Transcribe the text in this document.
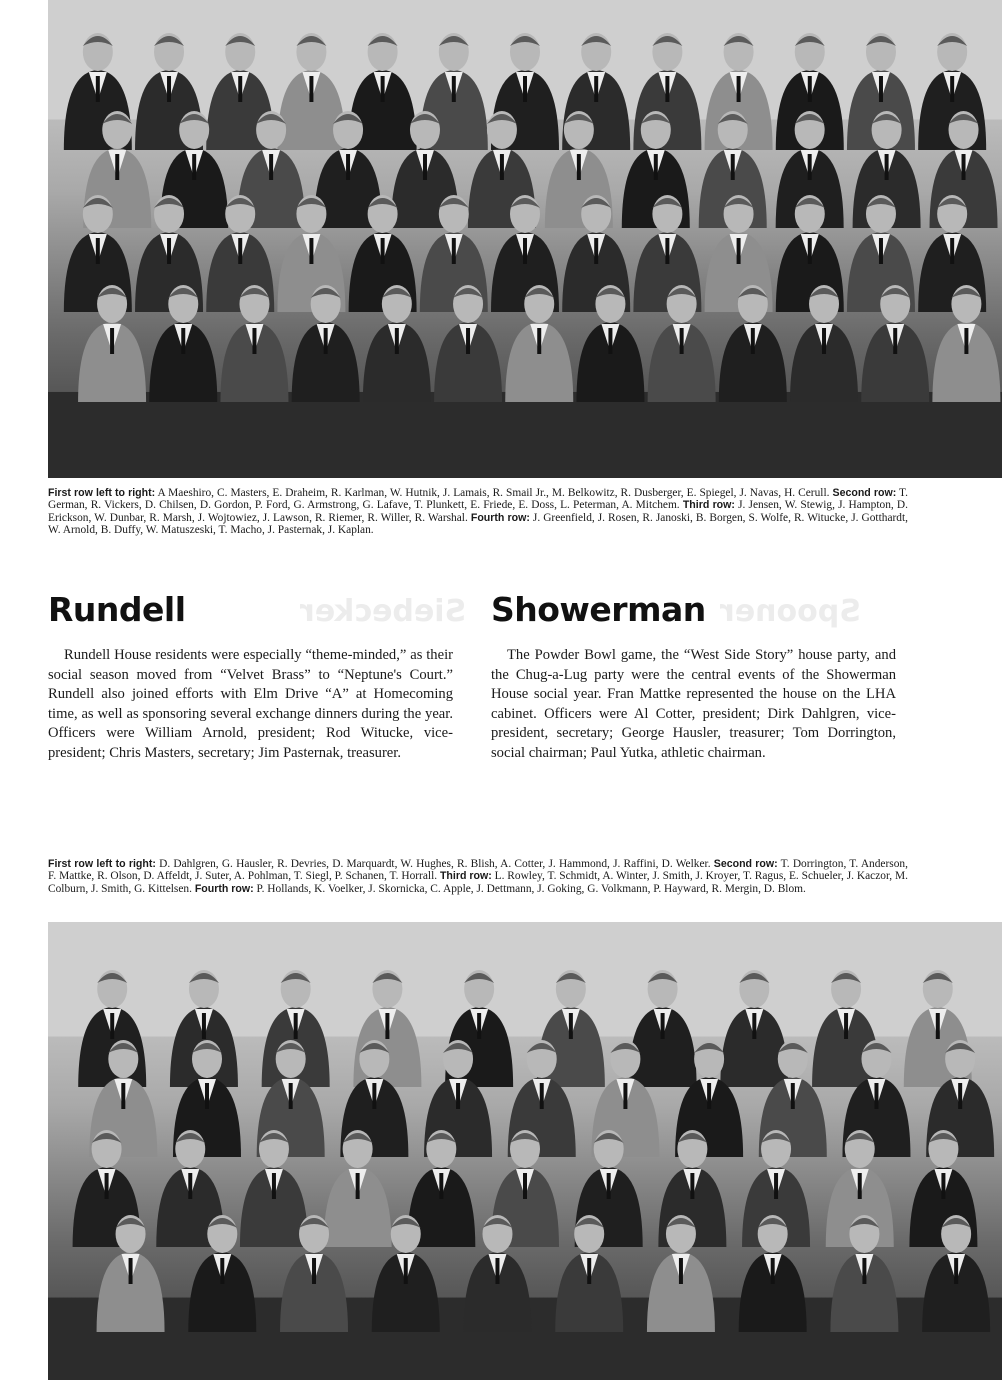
First row left to right: A Maeshiro, C. Masters, E. Draheim, R. Karlman, W. Hutnik, J. Lamais, R. Smail Jr., M. Belkowitz, R. Dusberger, E. Spiegel, J. Navas, H. Cerull. Second row: T. German, R. Vickers, D. Chilsen, D. Gordon, P. Ford, G. Armstrong, G. Lafave, T. Plunkett, E. Friede, E. Doss, L. Peterman, A. Mitchem. Third row: J. Jensen, W. Stewig, J. Hampton, D. Erickson, W. Dunbar, R. Marsh, J. Wojtowiez, J. Lawson, R. Riemer, R. Willer, R. Warshal. Fourth row: J. Greenfield, J. Rosen, R. Janoski, B. Borgen, S. Wolfe, R. Witucke, J. Gotthardt, W. Arnold, B. Duffy, W. Matuszeski, T. Macho, J. Pasternak, J. Kaplan.
Spooner
Siebecker
Rundell	Showerman
Rundell House residents were especially “theme-minded,” as their social season moved from “Velvet Brass” to “Neptune's Court.” Rundell also joined efforts with Elm Drive “A” at Homecoming time, as well as sponsoring several exchange dinners during the year. Officers were William Arnold, president; Rod Witucke, vice-president; Chris Masters, secretary; Jim Pasternak, treasurer.
The Powder Bowl game, the “West Side Story” house party, and the Chug-a-Lug party were the central events of the Showerman House social year. Fran Mattke represented the house on the LHA cabinet. Officers were Al Cotter, president; Dirk Dahlgren, vice-president, secretary; George Hausler, treasurer; Tom Dorrington, social chairman; Paul Yutka, athletic chairman.
First row left to right: D. Dahlgren, G. Hausler, R. Devries, D. Marquardt, W. Hughes, R. Blish, A. Cotter, J. Hammond, J. Raffini, D. Welker. Second row: T. Dorrington, T. Anderson, F. Mattke, R. Olson, D. Affeldt, J. Suter, A. Pohlman, T. Siegl, P. Schanen, T. Horrall. Third row: L. Rowley, T. Schmidt, A. Winter, J. Smith, J. Kroyer, T. Ragus, E. Schueler, J. Kaczor, M. Colburn, J. Smith, G. Kittelsen. Fourth row: P. Hollands, K. Voelker, J. Skornicka, C. Apple, J. Dettmann, J. Goking, G. Volkmann, P. Hayward, R. Mergin, D. Blom.
